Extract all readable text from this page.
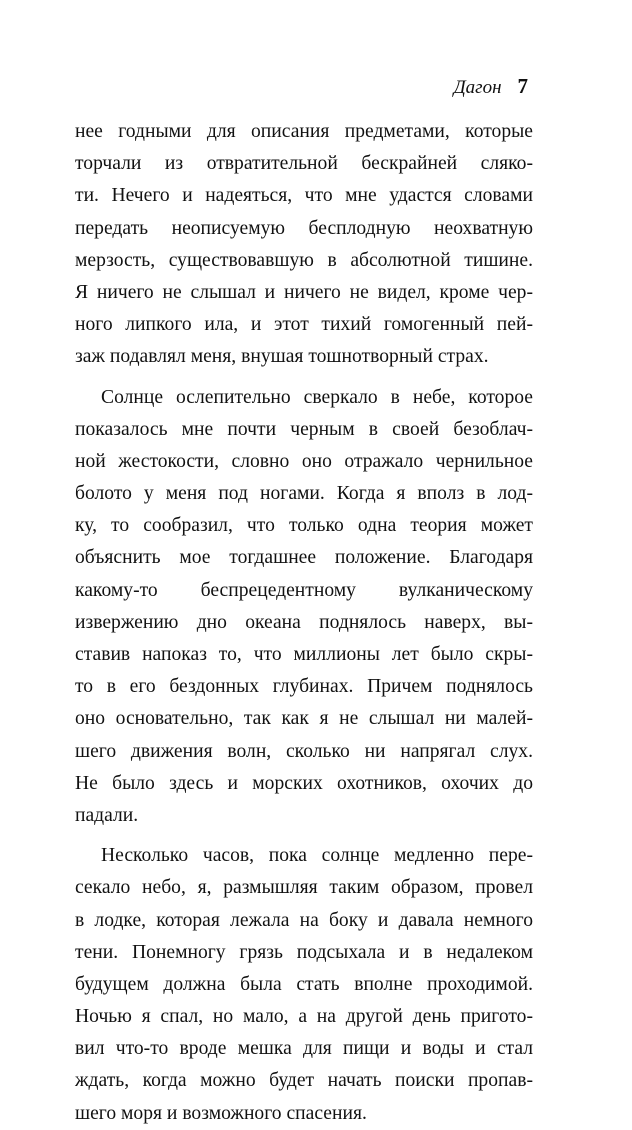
Дагон 7
нее годными для описания предметами, которые
торчали из отвратительной бескрайней сляко-
ти. Нечего и надеяться, что мне удастся словами
передать неописуемую бесплодную неохватную
мерзость, существовавшую в абсолютной тишине.
Я ничего не слышал и ничего не видел, кроме чер-
ного липкого ила, и этот тихий гомогенный пей-
заж подавлял меня, внушая тошнотворный страх.
Солнце ослепительно сверкало в небе, которое
показалось мне почти черным в своей безоблач-
ной жестокости, словно оно отражало чернильное
болото у меня под ногами. Когда я вполз в лод-
ку, то сообразил, что только одна теория может
объяснить мое тогдашнее положение. Благодаря
какому-то беспрецедентному вулканическому
извержению дно океана поднялось наверх, вы-
ставив напоказ то, что миллионы лет было скры-
то в его бездонных глубинах. Причем поднялось
оно основательно, так как я не слышал ни малей-
шего движения волн, сколько ни напрягал слух.
Не было здесь и морских охотников, охочих до
падали.
Несколько часов, пока солнце медленно пере-
секало небо, я, размышляя таким образом, провел
в лодке, которая лежала на боку и давала немного
тени. Понемногу грязь подсыхала и в недалеком
будущем должна была стать вполне проходимой.
Ночью я спал, но мало, а на другой день пригото-
вил что-то вроде мешка для пищи и воды и стал
ждать, когда можно будет начать поиски пропав-
шего моря и возможного спасения.
